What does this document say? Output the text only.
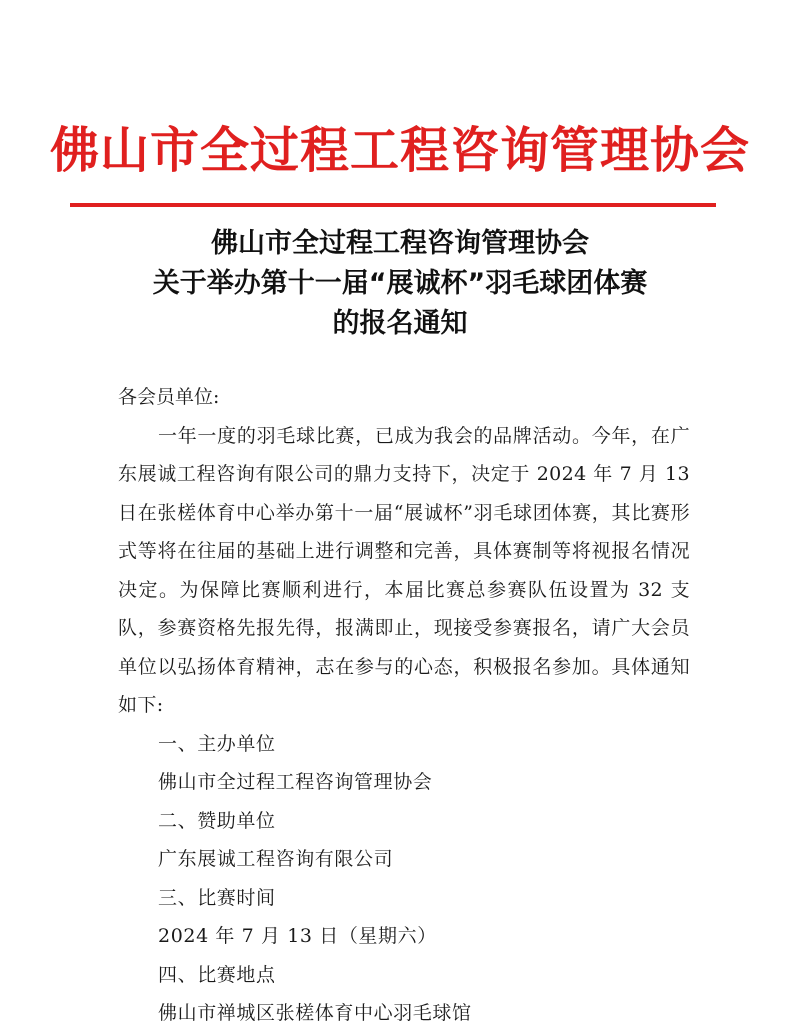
佛山市全过程工程咨询管理协会
佛山市全过程工程咨询管理协会
关于举办第十一届“展诚杯”羽毛球团体赛
的报名通知
各会员单位:
一年一度的羽毛球比赛，已成为我会的品牌活动。今年，在广东展诚工程咨询有限公司的鼎力支持下，决定于 2024 年 7 月 13 日在张槎体育中心举办第十一届“展诚杯”羽毛球团体赛，其比赛形式等将在往届的基础上进行调整和完善，具体赛制等将视报名情况决定。为保障比赛顺利进行，本届比赛总参赛队伍设置为 32 支队，参赛资格先报先得，报满即止，现接受参赛报名，请广大会员单位以弘扬体育精神，志在参与的心态，积极报名参加。具体通知如下:
一、主办单位
佛山市全过程工程咨询管理协会
二、赞助单位
广东展诚工程咨询有限公司
三、比赛时间
2024 年 7 月 13 日（星期六）
四、比赛地点
佛山市禅城区张槎体育中心羽毛球馆
